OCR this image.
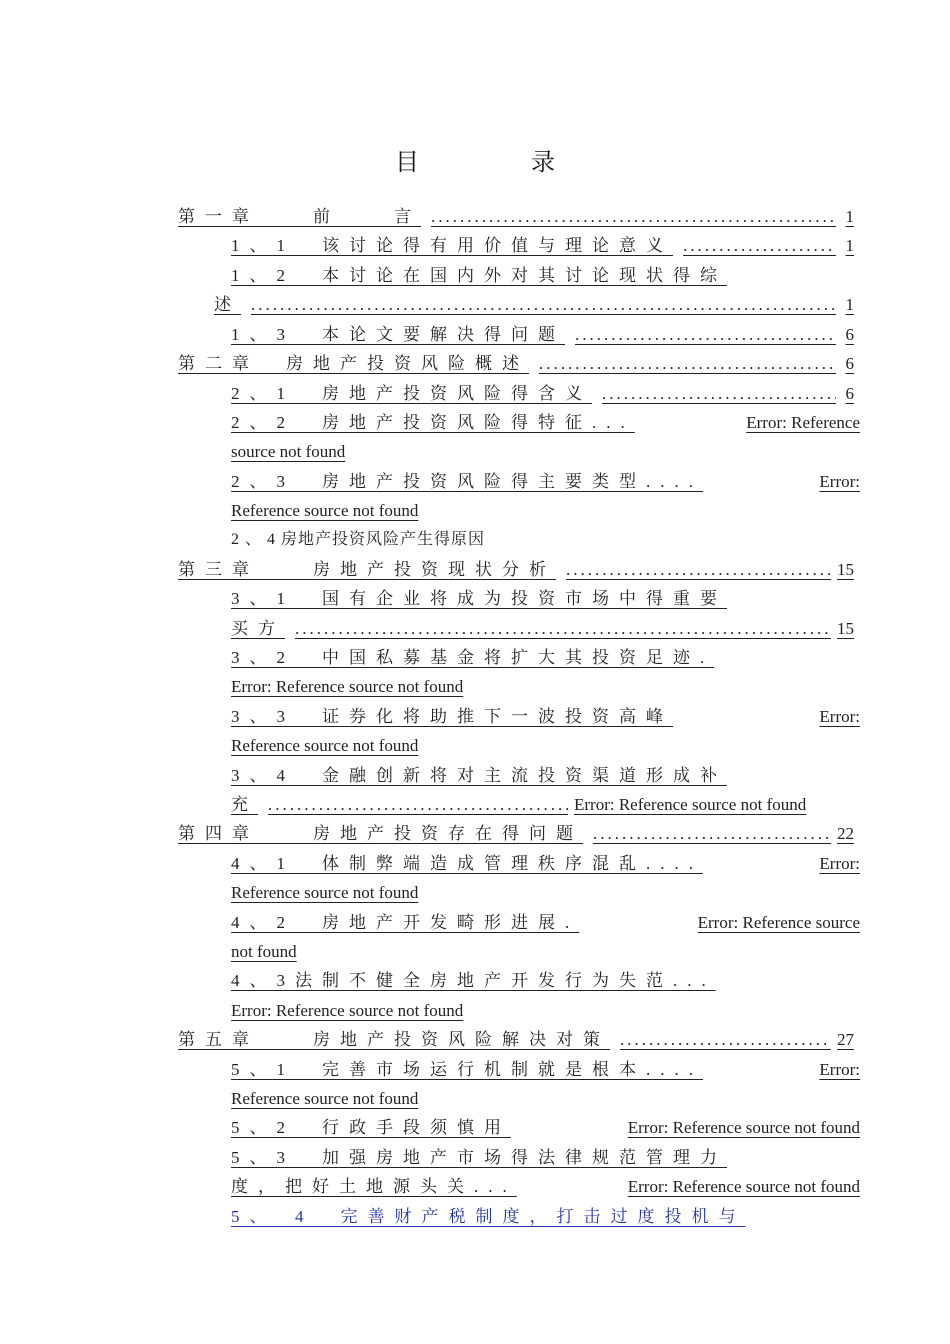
目　录
第一章　　前　　言 .....	1
1、1　该讨论得有用价值与理论意义 .....	1
1、2　本讨论在国内外对其讨论现状得综
述 .....	1
1、3　本论文要解决得问题 .....	6
第二章　房地产投资风险概述 .....	6
2、1　房地产投资风险得含义 .....	6
2、2　房地产投资风险得特征...	Error: Reference
source not found
2、3　房地产投资风险得主要类型....	Error:
Reference source not found
2 、 4 房地产投资风险产生得原因
第三章　　房地产投资现状分析 .....	15
3、1　国有企业将成为投资市场中得重要
买方 .....	15
3、2　中国私募基金将扩大其投资足迹.
Error: Reference source not found
3、3　证券化将助推下一波投资高峰	Error:
Reference source not found
3、4　金融创新将对主流投资渠道形成补
充 .....	Error: Reference source not found
第四章　　房地产投资存在得问题 .....	22
4、1　体制弊端造成管理秩序混乱....	Error:
Reference source not found
4、2　房地产开发畸形进展.	Error: Reference source
not found
4、3法制不健全房地产开发行为失范...
Error: Reference source not found
第五章　　房地产投资风险解决对策 .....	27
5、1　完善市场运行机制就是根本....	Error:
Reference source not found
5、2　行政手段须慎用	Error: Reference source not found
5、3　加强房地产市场得法律规范管理力
度，把好土地源头关...	Error: Reference source not found
5、　4　完善财产税制度，打击过度投机与
